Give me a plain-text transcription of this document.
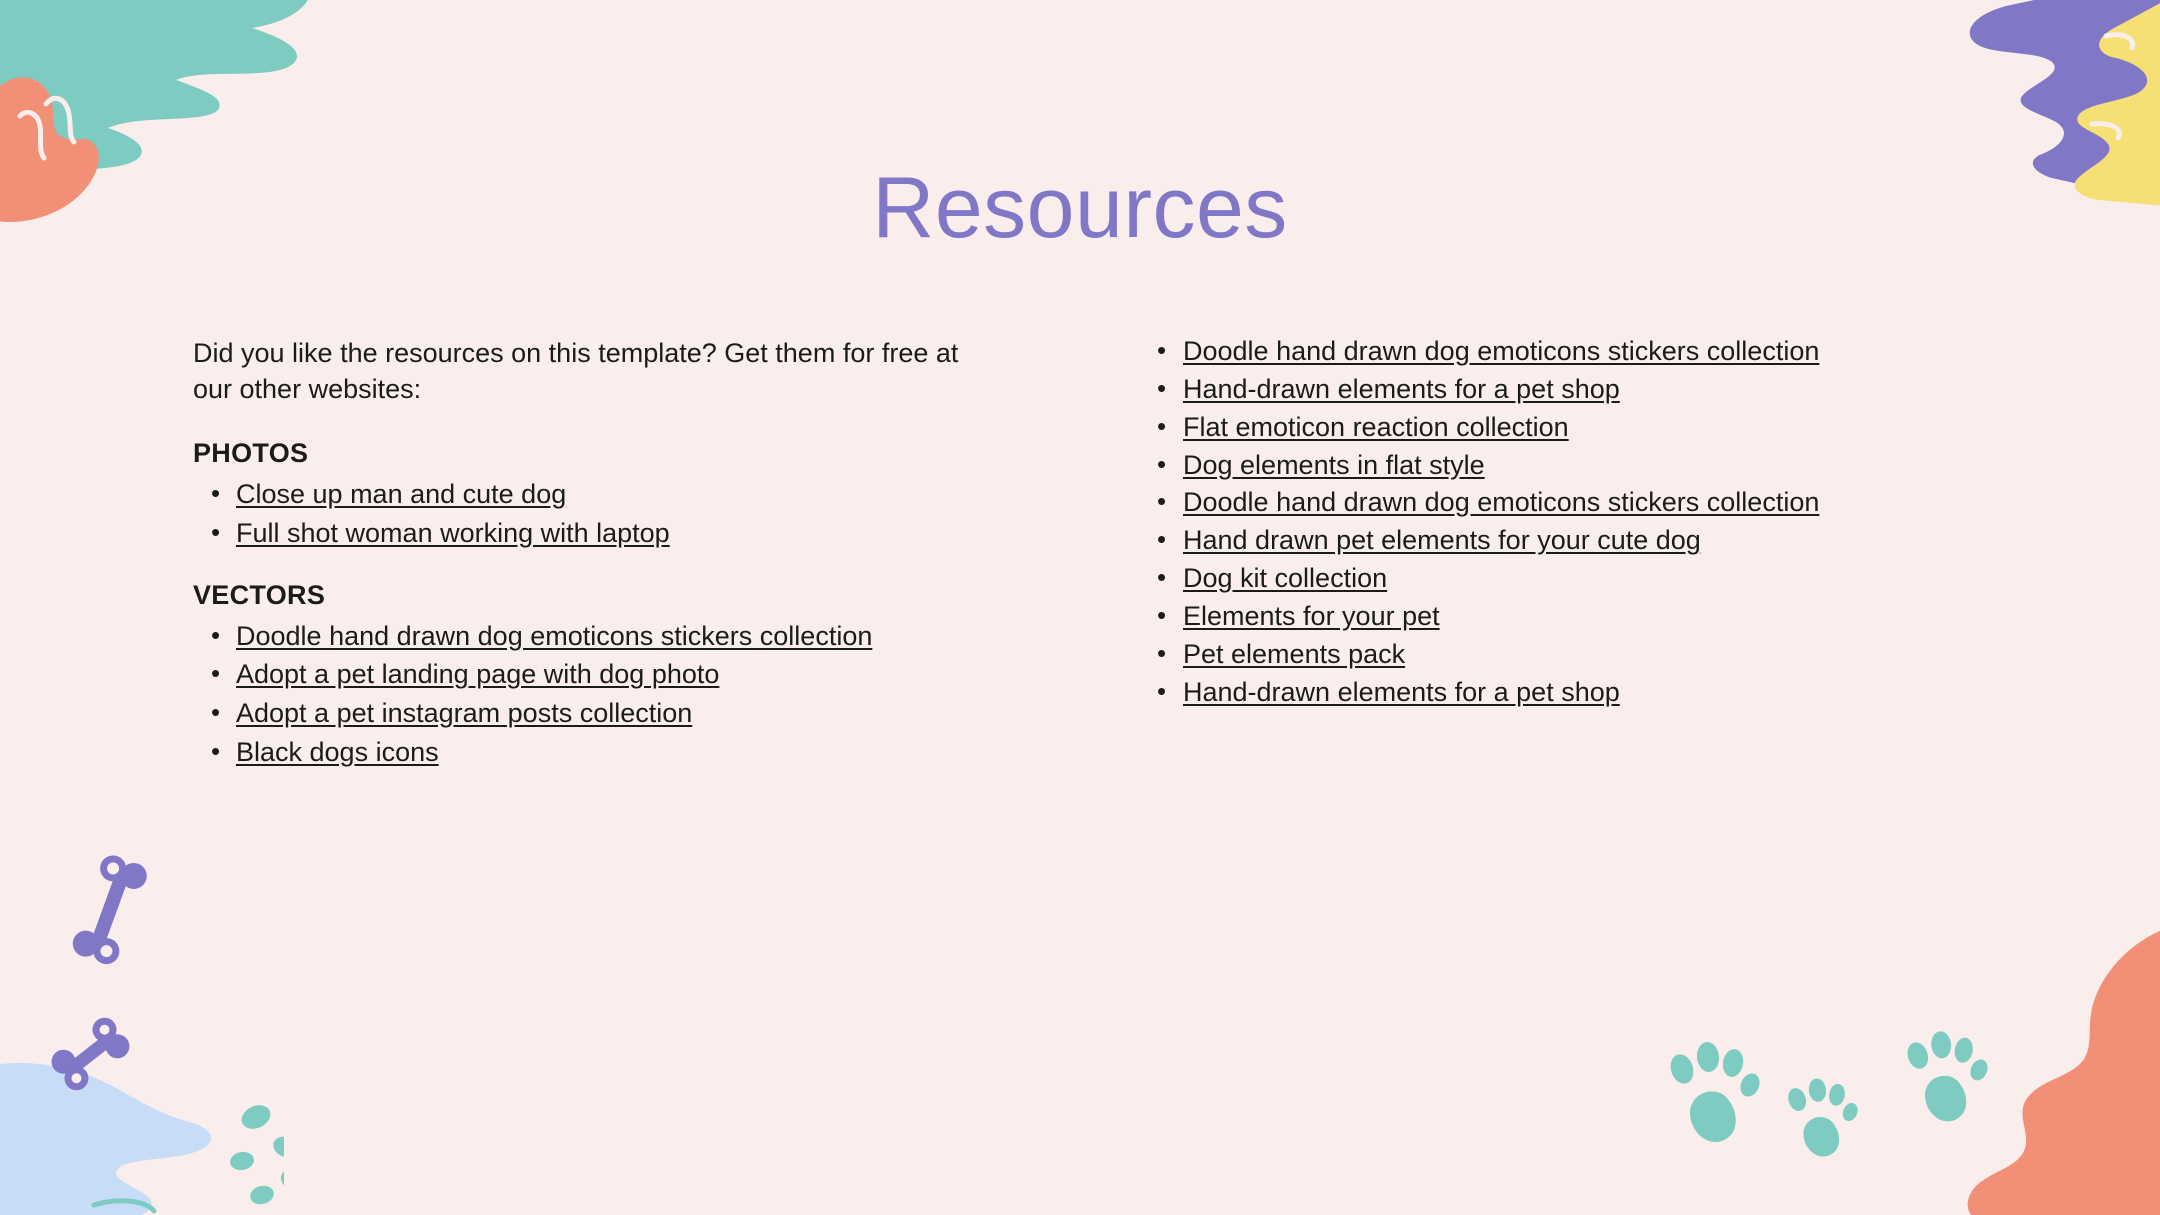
Resources

Did you like the resources on this template? Get them for free at our other websites:

PHOTOS
• Close up man and cute dog
• Full shot woman working with laptop
VECTORS
• Doodle hand drawn dog emoticons stickers collection
• Adopt a pet landing page with dog photo
• Adopt a pet instagram posts collection
• Black dogs icons
• Doodle hand drawn dog emoticons stickers collection
• Hand-drawn elements for a pet shop
• Flat emoticon reaction collection
• Dog elements in flat style
• Doodle hand drawn dog emoticons stickers collection
• Hand drawn pet elements for your cute dog
• Dog kit collection
• Elements for your pet
• Pet elements pack
• Hand-drawn elements for a pet shop
